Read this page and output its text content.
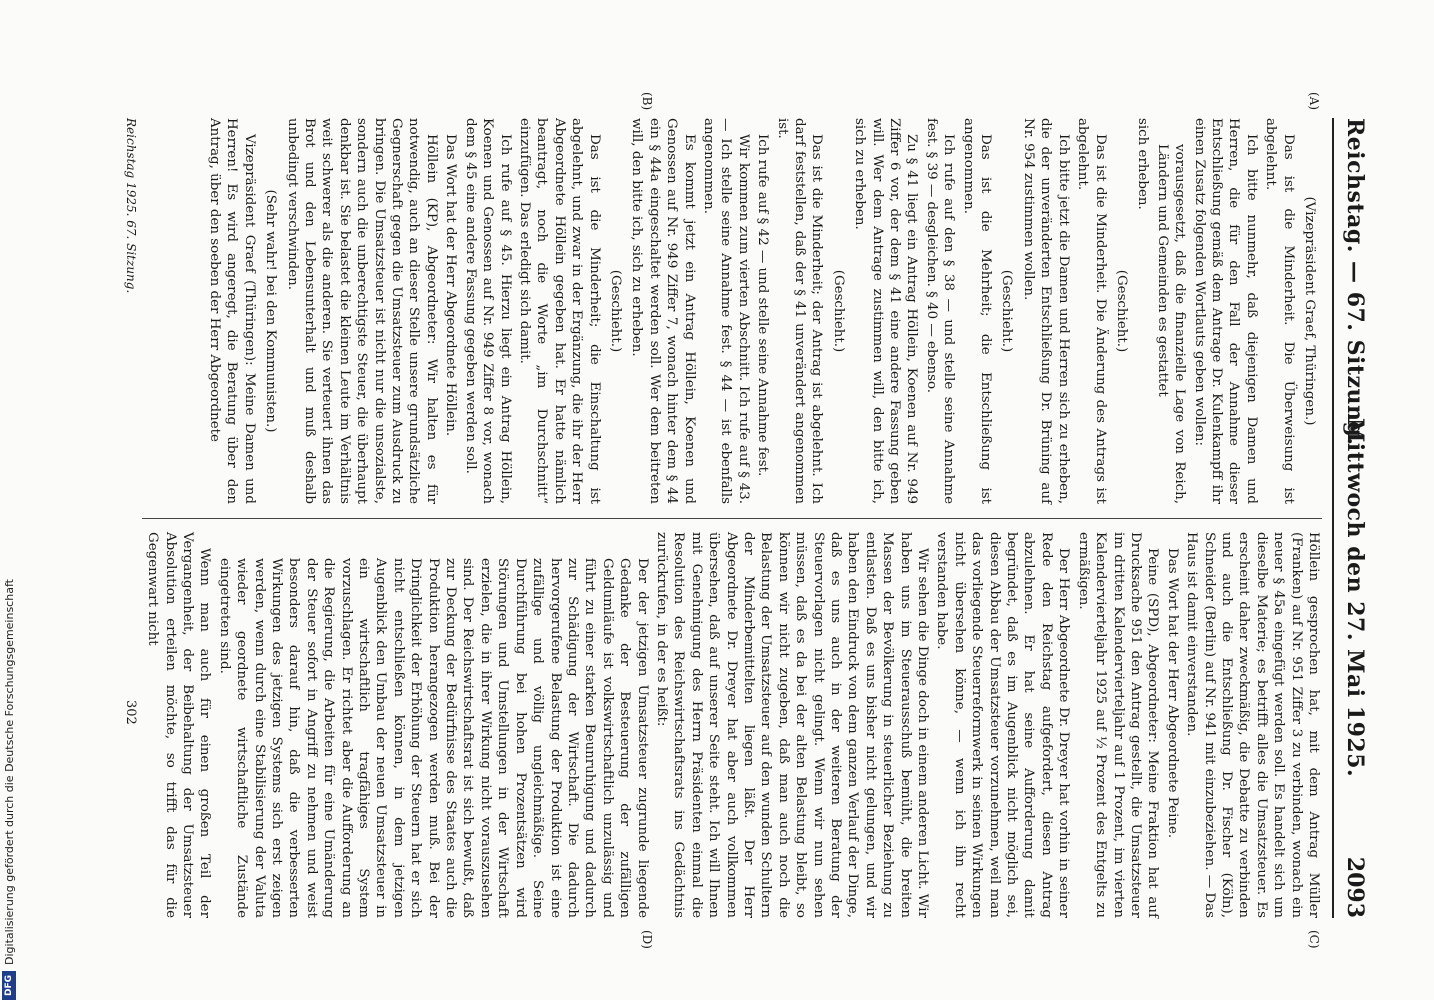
Reichstag. — 67. Sitzung.
Mittwoch den 27. Mai 1925.
2093
(A)
(B)
(C)
(D)

(Vizepräsident Graef, Thüringen.)

Das ist die Minderheit. Die Überweisung ist abgelehnt.

Ich bitte nunmehr, daß diejenigen Damen und Herren, die für den Fall der Annahme dieser Entschließung gemäß dem Antrage Dr. Kulenkampff ihr einen Zusatz folgenden Wortlauts geben wollen:

vorausgesetzt, daß die finanzielle Lage von Reich, Ländern und Gemeinden es gestattet

sich erheben.

(Geschieht.)

Das ist die Minderheit. Die Änderung des Antrags ist abgelehnt.

Ich bitte jetzt die Damen und Herren sich zu erheben, die der unveränderten Entschließung Dr. Brüning auf Nr. 954 zustimmen wollen.

(Geschieht.)

Das ist die Mehrheit; die Entschließung ist angenommen.

Ich rufe auf den § 38 — und stelle seine Annahme fest. § 39 — desgleichen. § 40 — ebenso.

Zu § 41 liegt ein Antrag Höllein, Koenen auf Nr. 949 Ziffer 6 vor, der dem § 41 eine andere Fassung geben will. Wer dem Antrage zustimmen will, den bitte ich, sich zu erheben.

(Geschieht.)

Das ist die Minderheit; der Antrag ist abgelehnt. Ich darf feststellen, daß der § 41 unverändert angenommen ist.

Ich rufe auf § 42 — und stelle seine Annahme fest.

Wir kommen zum vierten Abschnitt. Ich rufe auf § 43. — Ich stelle seine Annahme fest. § 44 — ist ebenfalls angenommen.

Es kommt jetzt ein Antrag Höllein, Koenen und Genossen auf Nr. 949 Ziffer 7, wonach hinter dem § 44 ein § 44a eingeschaltet werden soll. Wer dem beitreten will, den bitte ich, sich zu erheben.

(Geschieht.)

Das ist die Minderheit; die Einschaltung ist abgelehnt, und zwar in der Ergänzung, die ihr der Herr Abgeordnete Höllein gegeben hat. Er hatte nämlich beantragt, noch die Worte „im Durchschnitt“ einzufügen. Das erledigt sich damit.

Ich rufe auf § 45. Hierzu liegt ein Antrag Höllein, Koenen und Genossen auf Nr. 949 Ziffer 8 vor, wonach dem § 45 eine andere Fassung gegeben werden soll.

Das Wort hat der Herr Abgeordnete Höllein.

Höllein (KP), Abgeordneter: Wir halten es für notwendig, auch an dieser Stelle unsere grundsätzliche Gegnerschaft gegen die Umsatzsteuer zum Ausdruck zu bringen. Die Umsatzsteuer ist nicht nur die unsozialste, sondern auch die unberechtigste Steuer, die überhaupt denkbar ist. Sie belastet die kleinen Leute im Verhältnis weit schwerer als die anderen. Sie verteuert ihnen das Brot und den Lebensunterhalt und muß deshalb unbedingt verschwinden.

(Sehr wahr! bei den Kommunisten.)

Vizepräsident Graef (Thüringen): Meine Damen und Herren! Es wird angeregt, die Beratung über den Antrag, über den soeben der Herr Abgeordnete

Höllein gesprochen hat, mit dem Antrag Müller (Franken) auf Nr. 951 Ziffer 3 zu verbinden, wonach ein neuer § 45a eingefügt werden soll. Es handelt sich um dieselbe Materie; es betrifft alles die Umsatzsteuer. Es erscheint daher zweckmäßig, die Debatte zu verbinden und auch die Entschließung Dr. Fischer (Köln), Schneider (Berlin) auf Nr. 941 mit einzubeziehen. — Das Haus ist damit einverstanden.

Das Wort hat der Herr Abgeordnete Peine.

Peine (SPD), Abgeordneter: Meine Fraktion hat auf Drucksache 951 den Antrag gestellt, die Umsatzsteuer im dritten Kalendervierteljahr auf 1 Prozent, im vierten Kalendervierteljahr 1925 auf ½ Prozent des Entgelts zu ermäßigen.

Der Herr Abgeordnete Dr. Dreyer hat vorhin in seiner Rede den Reichstag aufgefordert, diesen Antrag abzulehnen. Er hat seine Aufforderung damit begründet, daß es im Augenblick nicht möglich sei, diesen Abbau der Umsatzsteuer vorzunehmen, weil man das vorliegende Steuerreformwerk in seinen Wirkungen nicht übersehen könne, — wenn ich ihn recht verstanden habe.

Wir sehen die Dinge doch in einem anderen Licht. Wir haben uns im Steuerausschuß bemüht, die breiten Massen der Bevölkerung in steuerlicher Beziehung zu entlasten. Daß es uns bisher nicht gelungen, und wir haben den Eindruck von dem ganzen Verlauf der Dinge, daß es uns auch in der weiteren Beratung der Steuervorlagen nicht gelingt. Wenn wir nun sehen müssen, daß es da bei der alten Belastung bleibt, so können wir nicht zugeben, daß man auch noch die Belastung der Umsatzsteuer auf den wunden Schultern der Minderbemittelten liegen läßt. Der Herr Abgeordnete Dr. Dreyer hat aber auch vollkommen übersehen, daß auf unserer Seite steht. Ich will Ihnen mit Genehmigung des Herrn Präsidenten einmal die Resolution des Reichswirtschaftsrats ins Gedächtnis zurückrufen, in der es heißt:

Der der jetzigen Umsatzsteuer zugrunde liegende Gedanke der Besteuerung der zufälligen Geldumläufe ist volkswirtschaftlich unzulässig und führt zu einer starken Beunruhigung und dadurch zur Schädigung der Wirtschaft. Die dadurch hervorgerufene Belastung der Produktion ist eine zufällige und völlig ungleichmäßige. Seine Durchführung bei hohen Prozentsätzen wird Störungen und Umstellungen in der Wirtschaft erzielen, die in ihrer Wirkung nicht vorauszusehen sind. Der Reichswirtschaftsrat ist sich bewußt, daß zur Deckung der Bedürfnisse des Staates auch die Produktion herangezogen werden muß. Bei der Dringlichkeit der Erhöhung der Steuern hat er sich nicht entschließen können, in dem jetzigen Augenblick den Umbau der neuen Umsatzsteuer in ein wirtschaftlich tragfähiges System vorzuschlagen. Er richtet aber die Aufforderung an die Regierung, die Arbeiten für eine Umänderung der Steuer sofort in Angriff zu nehmen und weist besonders darauf hin, daß die verbesserten Wirkungen des jetzigen Systems sich erst zeigen werden, wenn durch eine Stabilisierung der Valuta wieder geordnete wirtschaftliche Zustände eingetreten sind.

Wenn man auch für einen großen Teil der Vergangenheit, der Beibehaltung der Umsatzsteuer Absolution erteilen möchte, so trifft das für die Gegenwart nicht

Reichstag 1925. 67. Sitzung.
302
DFG
Digitalisierung gefördert durch die Deutsche Forschungsgemeinschaft
